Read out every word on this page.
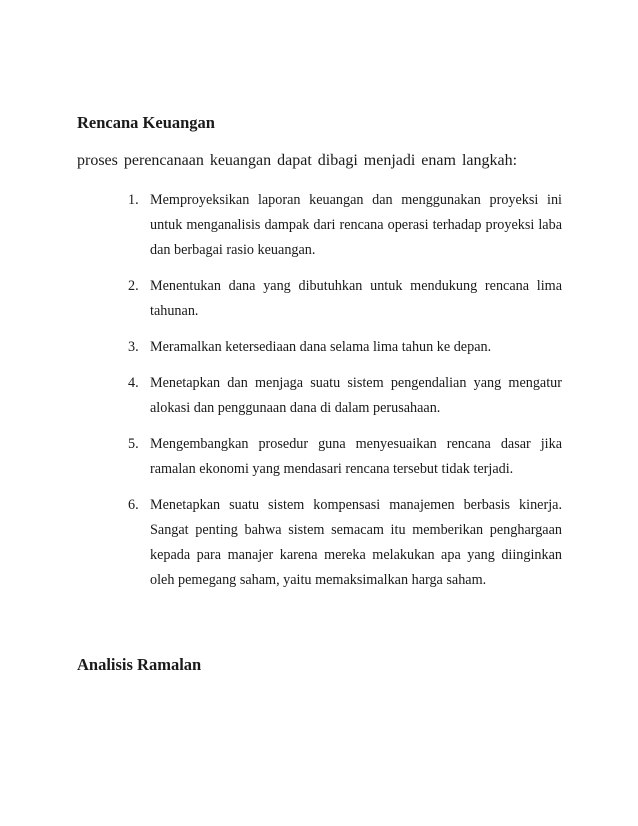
Rencana Keuangan
proses perencanaan keuangan dapat dibagi menjadi enam langkah:
1. Memproyeksikan laporan keuangan dan menggunakan proyeksi ini untuk menganalisis dampak dari rencana operasi terhadap proyeksi laba dan berbagai rasio keuangan.
2. Menentukan dana yang dibutuhkan untuk mendukung rencana lima tahunan.
3. Meramalkan ketersediaan dana selama lima tahun ke depan.
4. Menetapkan dan menjaga suatu sistem pengendalian yang mengatur alokasi dan penggunaan dana di dalam perusahaan.
5. Mengembangkan prosedur guna menyesuaikan rencana dasar jika ramalan ekonomi yang mendasari rencana tersebut tidak terjadi.
6. Menetapkan suatu sistem kompensasi manajemen berbasis kinerja. Sangat penting bahwa sistem semacam itu memberikan penghargaan kepada para manajer karena mereka melakukan apa yang diinginkan oleh pemegang saham, yaitu memaksimalkan harga saham.
Analisis Ramalan
